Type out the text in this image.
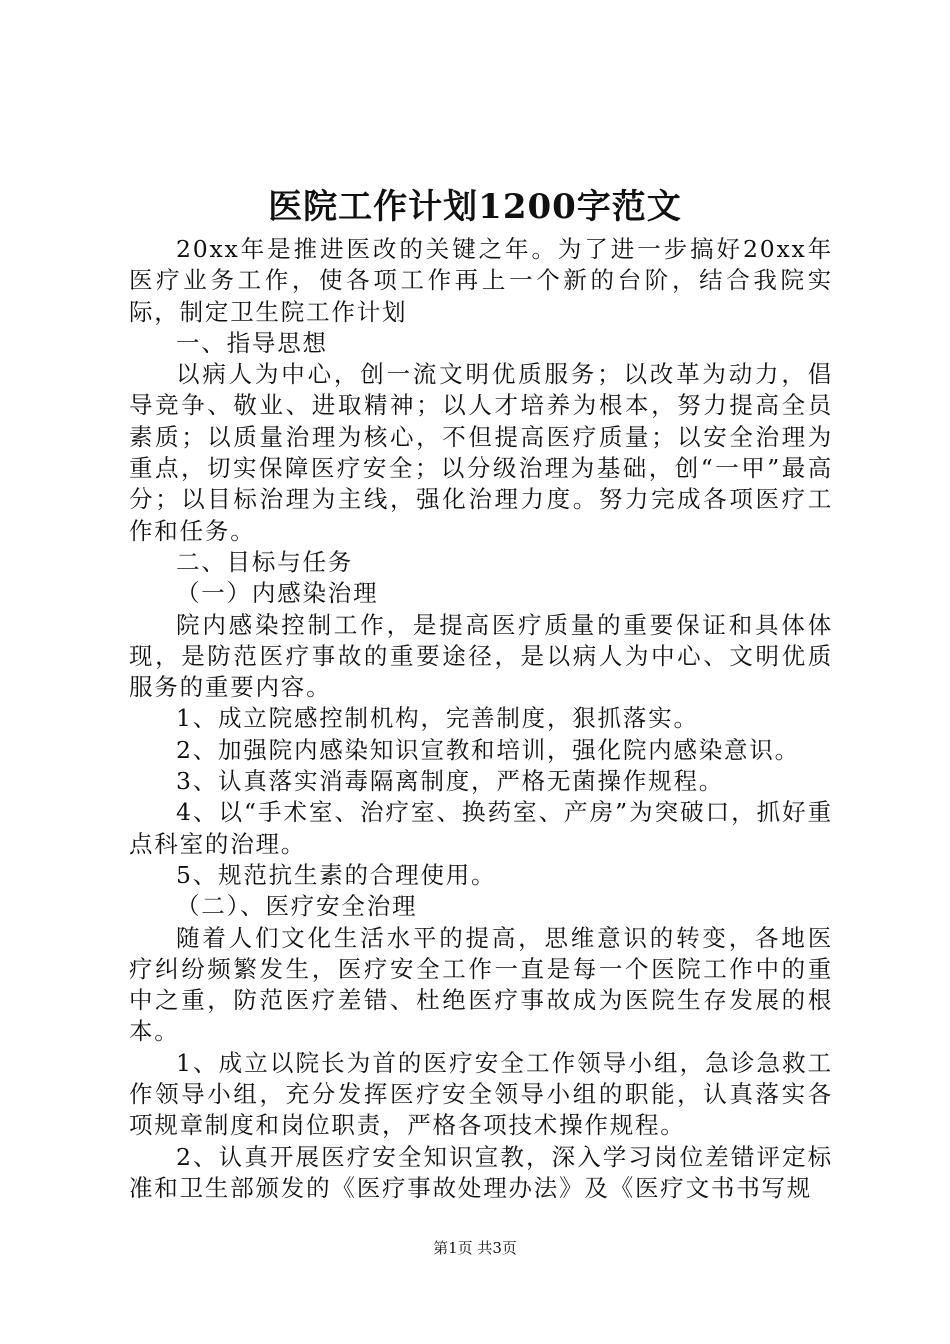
医院工作计划1200字范文

20xx年是推进医改的关键之年。为了进一步搞好20xx年医疗业务工作，使各项工作再上一个新的台阶，结合我院实际，制定卫生院工作计划

一、指导思想

以病人为中心，创一流文明优质服务；以改革为动力，倡导竞争、敬业、进取精神；以人才培养为根本，努力提高全员素质；以质量治理为核心，不但提高医疗质量；以安全治理为重点，切实保障医疗安全；以分级治理为基础，创“一甲”最高分；以目标治理为主线，强化治理力度。努力完成各项医疗工作和任务。

二、目标与任务

（一）内感染治理

院内感染控制工作，是提高医疗质量的重要保证和具体体现，是防范医疗事故的重要途径，是以病人为中心、文明优质服务的重要内容。

1、成立院感控制机构，完善制度，狠抓落实。

2、加强院内感染知识宣教和培训，强化院内感染意识。

3、认真落实消毒隔离制度，严格无菌操作规程。

4、以“手术室、治疗室、换药室、产房”为突破口，抓好重点科室的治理。

5、规范抗生素的合理使用。

（二）、医疗安全治理

随着人们文化生活水平的提高，思维意识的转变，各地医疗纠纷频繁发生，医疗安全工作一直是每一个医院工作中的重中之重，防范医疗差错、杜绝医疗事故成为医院生存发展的根本。

1、成立以院长为首的医疗安全工作领导小组，急诊急救工作领导小组，充分发挥医疗安全领导小组的职能，认真落实各项规章制度和岗位职责，严格各项技术操作规程。

2、认真开展医疗安全知识宣教，深入学习岗位差错评定标准和卫生部颁发的《医疗事故处理办法》及《医疗文书书写规

第1页 共3页
